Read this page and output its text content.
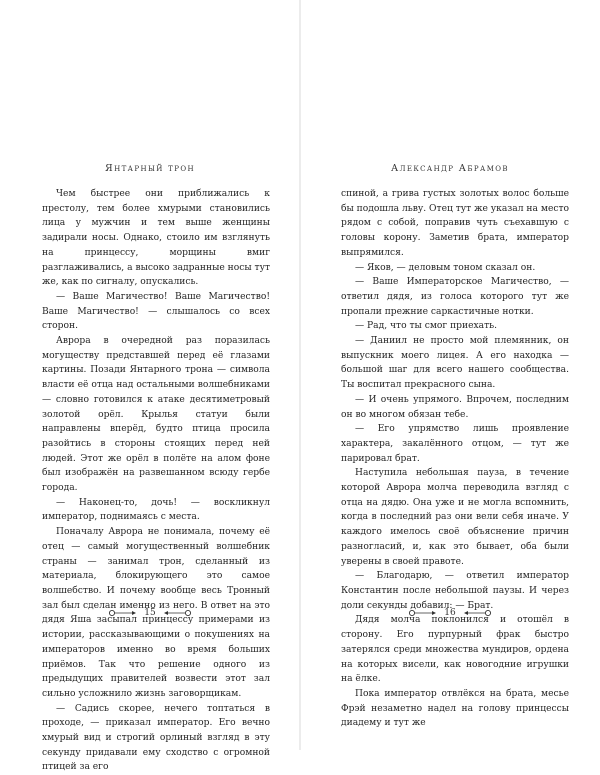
Янтарный трон

Чем быстрее они приближались к престолу, тем более хмурыми становились лица у мужчин и тем выше женщины задирали носы. Однако, стоило им взглянуть на принцессу, морщины вмиг разглаживались, а высоко задранные носы тут же, как по сигналу, опускались.

— Ваше Магичество! Ваше Магичество! Ваше Магичество! — слышалось со всех сторон.

Аврора в очередной раз поразилась могуществу представшей перед её глазами картины. Позади Янтарного трона — символа власти её отца над остальными волшебниками — словно готовился к атаке десятиметровый золотой орёл. Крылья статуи были направлены вперёд, будто птица просила разойтись в стороны стоящих перед ней людей. Этот же орёл в полёте на алом фоне был изображён на развешанном всюду гербе города.

— Наконец-то, дочь! — воскликнул император, поднимаясь с места.

Поначалу Аврора не понимала, почему её отец — самый могущественный волшебник страны — занимал трон, сделанный из материала, блокирующего это самое волшебство. И почему вообще весь Тронный зал был сделан именно из него. В ответ на это дядя Яша засыпал принцессу примерами из истории, рассказывающими о покушениях на императоров именно во время больших приёмов. Так что решение одного из предыдущих правителей возвести этот зал сильно усложнило жизнь заговорщикам.

— Садись скорее, нечего топтаться в проходе, — приказал император. Его вечно хмурый вид и строгий орлиный взгляд в эту секунду придавали ему сходство с огромной птицей за его

15
Александр Абрамов

спиной, а грива густых золотых волос больше бы подошла льву. Отец тут же указал на место рядом с собой, поправив чуть съехавшую с головы корону. Заметив брата, император выпрямился.

— Яков, — деловым тоном сказал он.

— Ваше Императорское Магичество, — ответил дядя, из голоса которого тут же пропали прежние саркастичные нотки.

— Рад, что ты смог приехать.

— Даниил не просто мой племянник, он выпускник моего лицея. А его находка — большой шаг для всего нашего сообщества. Ты воспитал прекрасного сына.

— И очень упрямого. Впрочем, последним он во многом обязан тебе.

— Его упрямство лишь проявление характера, закалённого отцом, — тут же парировал брат.

Наступила небольшая пауза, в течение которой Аврора молча переводила взгляд с отца на дядю. Она уже и не могла вспомнить, когда в последний раз они вели себя иначе. У каждого имелось своё объяснение причин разногласий, и, как это бывает, оба были уверены в своей правоте.

— Благодарю, — ответил император Константин после небольшой паузы. И через доли секунды добавил: — Брат.

Дядя молча поклонился и отошёл в сторону. Его пурпурный фрак быстро затерялся среди множества мундиров, ордена на которых висели, как новогодние игрушки на ёлке.

Пока император отвлёкся на брата, месье Фрэй незаметно надел на голову принцессы диадему и тут же

16
